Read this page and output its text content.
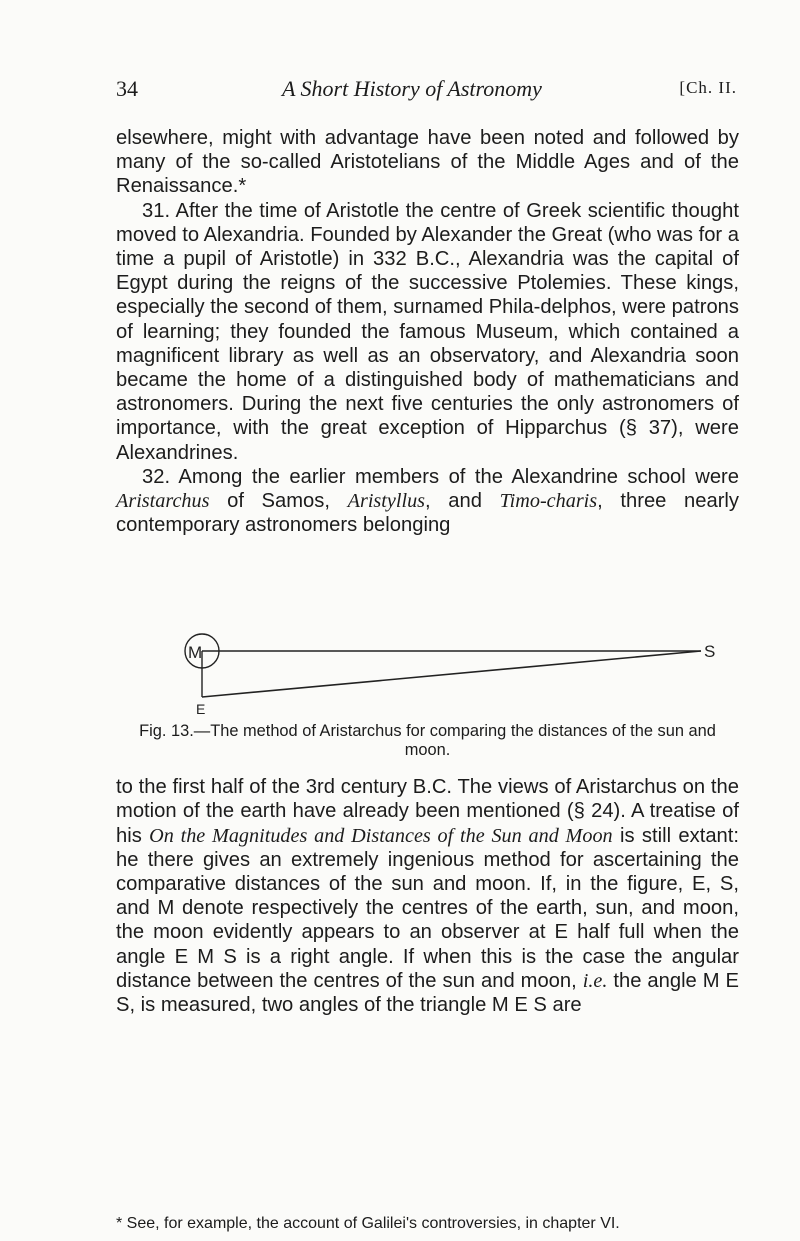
34	A Short History of Astronomy	[Ch. II.

elsewhere, might with advantage have been noted and followed by many of the so-called Aristotelians of the Middle Ages and of the Renaissance.*

31. After the time of Aristotle the centre of Greek scientific thought moved to Alexandria. Founded by Alexander the Great (who was for a time a pupil of Aristotle) in 332 B.C., Alexandria was the capital of Egypt during the reigns of the successive Ptolemies. These kings, especially the second of them, surnamed Phila-delphos, were patrons of learning; they founded the famous Museum, which contained a magnificent library as well as an observatory, and Alexandria soon became the home of a distinguished body of mathematicians and astronomers. During the next five centuries the only astronomers of importance, with the great exception of Hipparchus (§ 37), were Alexandrines.

32. Among the earlier members of the Alexandrine school were Aristarchus of Samos, Aristyllus, and Timo-charis, three nearly contemporary astronomers belonging

M	S
E
Fig. 13.—The method of Aristarchus for comparing the distances of the sun and moon.

to the first half of the 3rd century B.C. The views of Aristarchus on the motion of the earth have already been mentioned (§ 24). A treatise of his On the Magnitudes and Distances of the Sun and Moon is still extant: he there gives an extremely ingenious method for ascertaining the comparative distances of the sun and moon. If, in the figure, E, S, and M denote respectively the centres of the earth, sun, and moon, the moon evidently appears to an observer at E half full when the angle E M S is a right angle. If when this is the case the angular distance between the centres of the sun and moon, i.e. the angle M E S, is measured, two angles of the triangle M E S are

* See, for example, the account of Galilei's controversies, in chapter VI.
